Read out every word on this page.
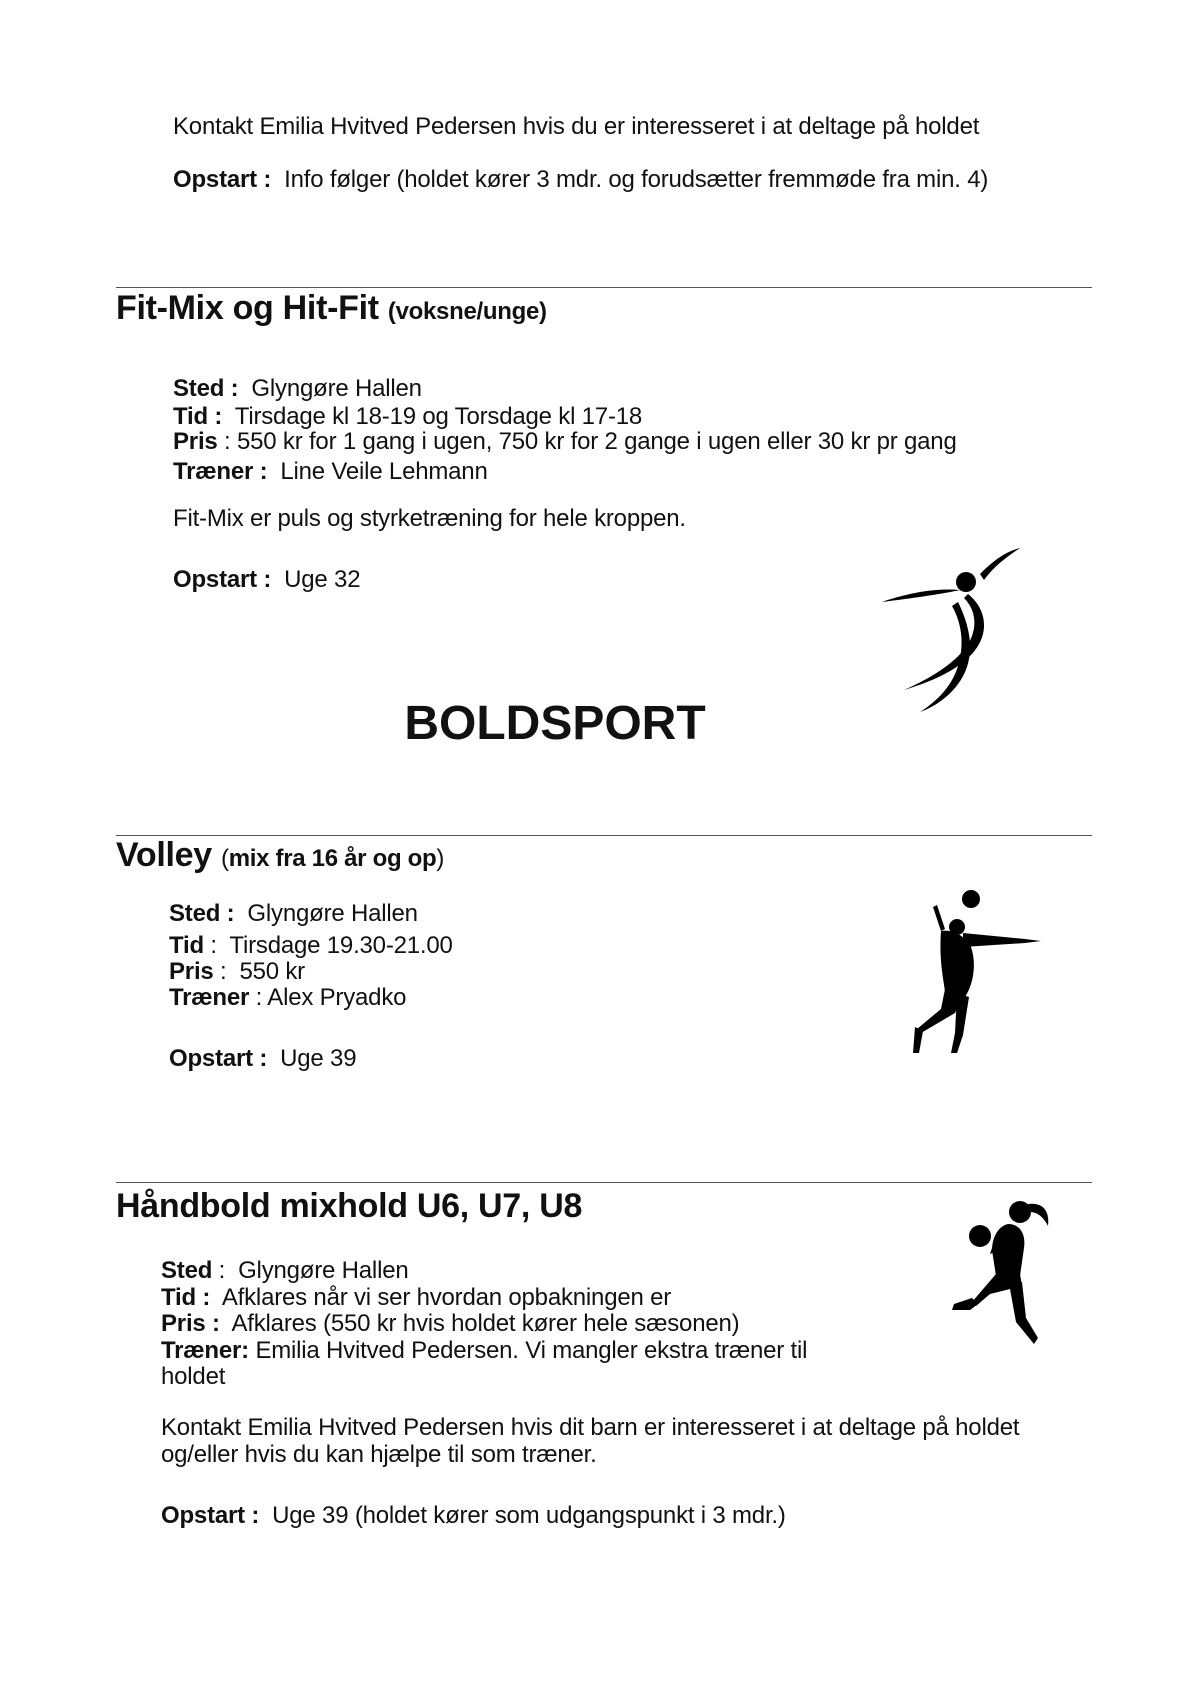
Kontakt Emilia Hvitved Pedersen hvis du er interesseret i at deltage på holdet
Opstart : Info følger (holdet kører 3 mdr. og forudsætter fremmøde fra min. 4)
Fit-Mix og Hit-Fit (voksne/unge)
Sted : Glyngøre Hallen
Tid : Tirsdage kl 18-19 og Torsdage kl 17-18
Pris : 550 kr for 1 gang i ugen, 750 kr for 2 gange i ugen eller 30 kr pr gang
Træner : Line Veile Lehmann
Fit-Mix er puls og styrketræning for hele kroppen.
Opstart : Uge 32
BOLDSPORT
Volley (mix fra 16 år og op)
Sted : Glyngøre Hallen
Tid :  Tirsdage 19.30-21.00
Pris :  550 kr
Træner : Alex Pryadko
Opstart : Uge 39
Håndbold mixhold U6, U7, U8
Sted :  Glyngøre Hallen
Tid : Afklares når vi ser hvordan opbakningen er
Pris : Afklares (550 kr hvis holdet kører hele sæsonen)
Træner: Emilia Hvitved Pedersen. Vi mangler ekstra træner til
holdet
Kontakt Emilia Hvitved Pedersen hvis dit barn er interesseret i at deltage på holdet
og/eller hvis du kan hjælpe til som træner.
Opstart : Uge 39 (holdet kører som udgangspunkt i 3 mdr.)
